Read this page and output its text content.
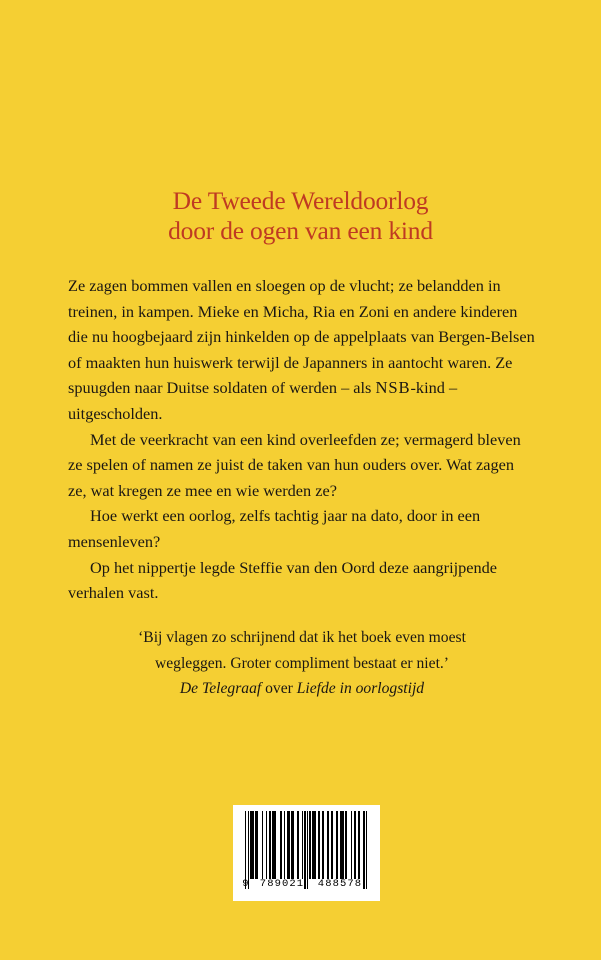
De Tweede Wereldoorlog
door de ogen van een kind

Ze zagen bommen vallen en sloegen op de vlucht; ze belandden in treinen, in kampen. Mieke en Micha, Ria en Zoni en andere kinderen die nu hoogbejaard zijn hinkelden op de appelplaats van Bergen-Belsen of maakten hun huiswerk terwijl de Japanners in aantocht waren. Ze spuugden naar Duitse soldaten of werden – als NSB-kind – uitgescholden.

Met de veerkracht van een kind overleefden ze; vermagerd bleven ze spelen of namen ze juist de taken van hun ouders over. Wat zagen ze, wat kregen ze mee en wie werden ze?

Hoe werkt een oorlog, zelfs tachtig jaar na dato, door in een mensenleven?

Op het nippertje legde Steffie van den Oord deze aangrijpende verhalen vast.

‘Bij vlagen zo schrijnend dat ik het boek even moest
wegleggen. Groter compliment bestaat er niet.’
De Telegraaf over Liefde in oorlogstijd
9 789021	488578
